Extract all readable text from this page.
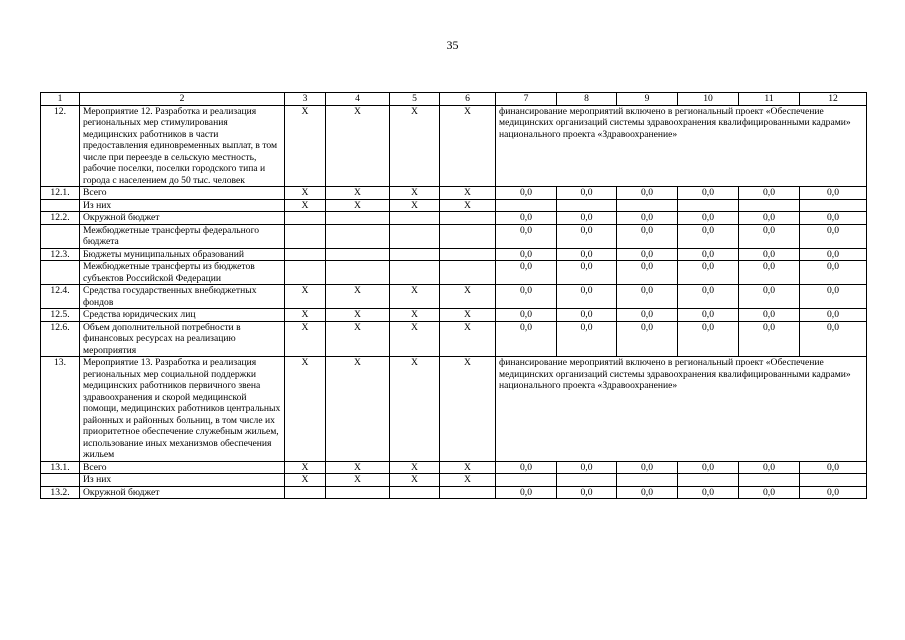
35
1	2	3	4	5	6	7	8	9	10	11	12
12.	Мероприятие 12. Разработка и реализация региональных мер стимулирования медицинских работников в части предоставления единовременных выплат, в том числе при переезде в сельскую местность, рабочие поселки, поселки городского типа и города с населением до 50 тыс. человек	Х	Х	Х	Х	финансирование мероприятий включено в региональный проект «Обеспечение медицинских организаций системы здравоохранения квалифицированными кадрами» национального проекта «Здравоохранение»					
12.1.	Всего	Х	Х	Х	Х	0,0	0,0	0,0	0,0	0,0	0,0
	Из них	Х	Х	Х	Х						
12.2.	Окружной бюджет					0,0	0,0	0,0	0,0	0,0	0,0
	Межбюджетные трансферты федерального бюджета					0,0	0,0	0,0	0,0	0,0	0,0
12.3.	Бюджеты муниципальных образований					0,0	0,0	0,0	0,0	0,0	0,0
	Межбюджетные трансферты из бюджетов субъектов Российской Федерации					0,0	0,0	0,0	0,0	0,0	0,0
12.4.	Средства государственных внебюджетных фондов	Х	Х	Х	Х	0,0	0,0	0,0	0,0	0,0	0,0
12.5.	Средства юридических лиц	Х	Х	Х	Х	0,0	0,0	0,0	0,0	0,0	0,0
12.6.	Объем дополнительной потребности в финансовых ресурсах на реализацию мероприятия	Х	Х	Х	Х	0,0	0,0	0,0	0,0	0,0	0,0
13.	Мероприятие 13. Разработка и реализация региональных мер социальной поддержки медицинских работников первичного звена здравоохранения и скорой медицинской помощи, медицинских работников центральных районных и районных больниц, в том числе их приоритетное обеспечение служебным жильем, использование иных механизмов обеспечения жильем	Х	Х	Х	Х	финансирование мероприятий включено в региональный проект «Обеспечение медицинских организаций системы здравоохранения квалифицированными кадрами» национального проекта «Здравоохранение»					
13.1.	Всего	Х	Х	Х	Х	0,0	0,0	0,0	0,0	0,0	0,0
	Из них	Х	Х	Х	Х						
13.2.	Окружной бюджет					0,0	0,0	0,0	0,0	0,0	0,0
